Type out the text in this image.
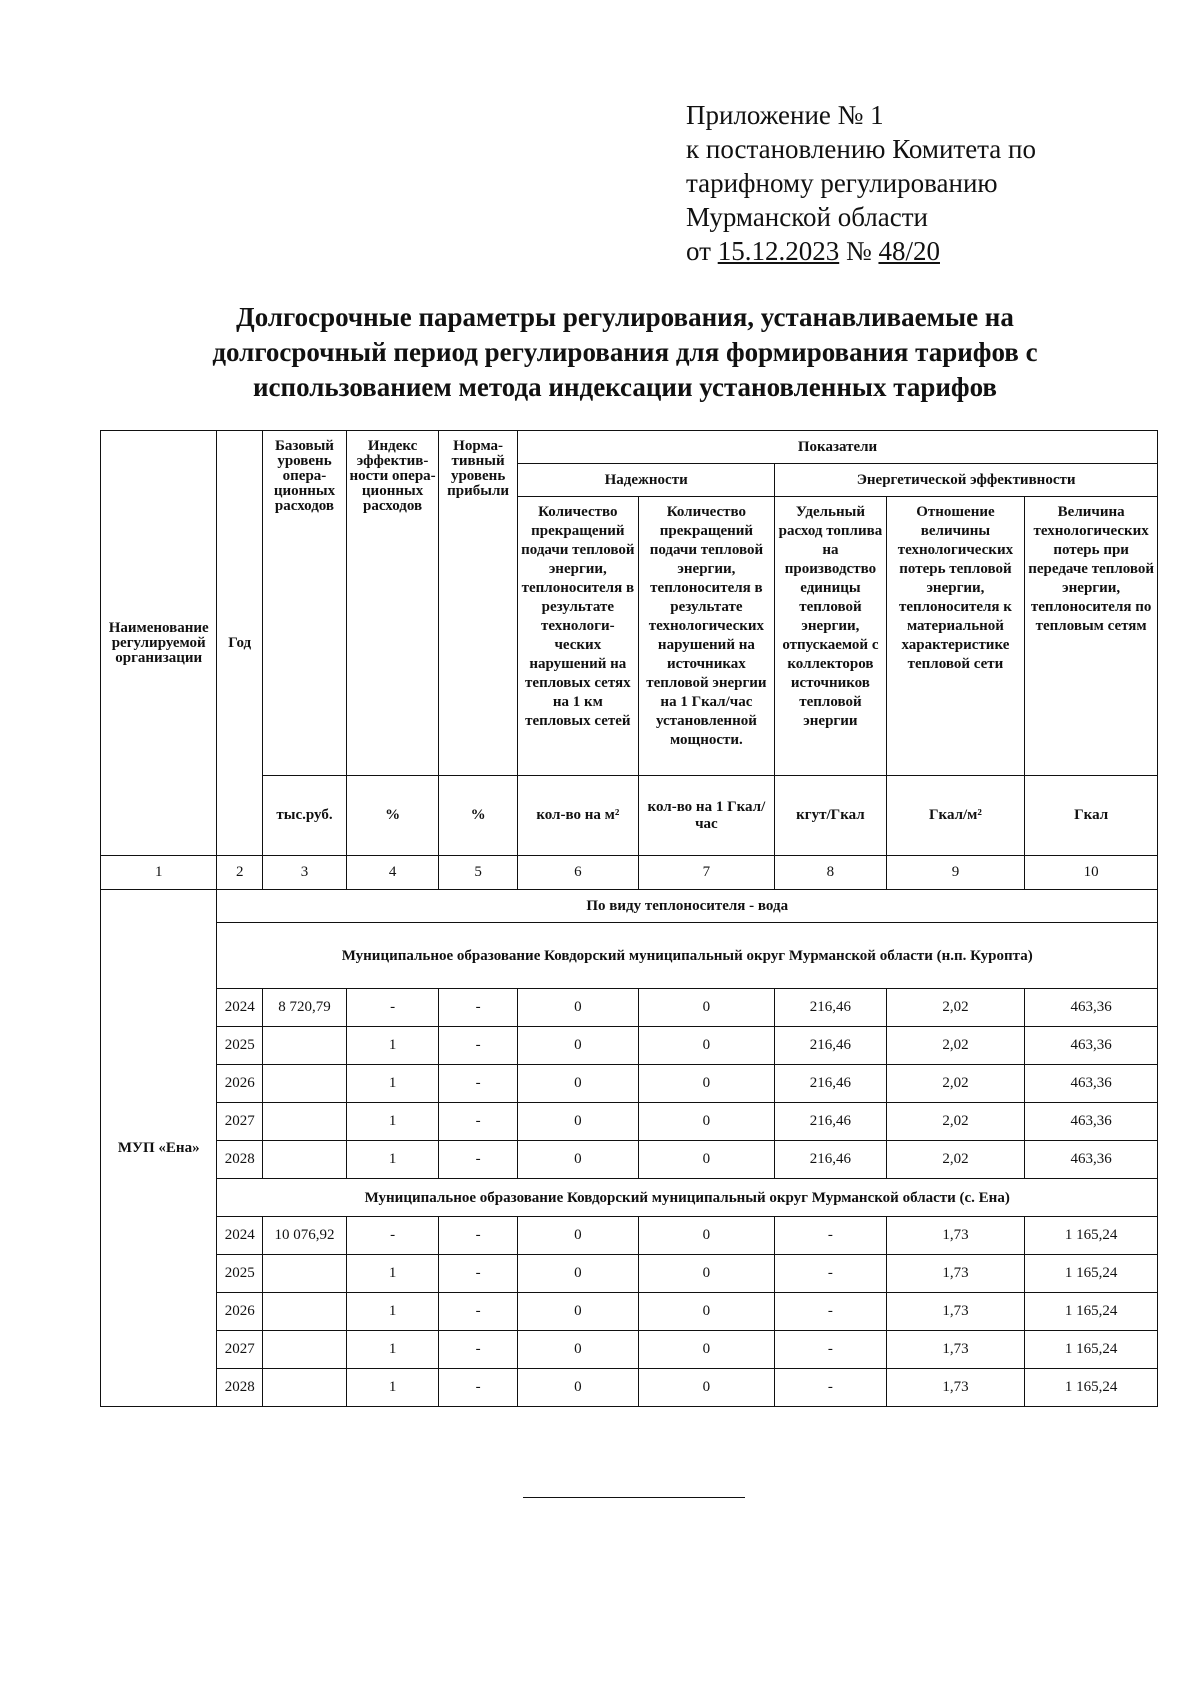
Приложение № 1
к постановлению Комитета по
тарифному регулированию
Мурманской области
от 15.12.2023 № 48/20
Долгосрочные параметры регулирования, устанавливаемые на
долгосрочный период регулирования для формирования тарифов с
использованием метода индексации установленных тарифов
Наименование регулируемой организации	Год	Базовый уровень опера-ционных расходов	Индекс эффектив-ности опера-ционных расходов	Норма-тивный уровень прибыли	Показатели				
					Надежности		Энергетической эффективности		
					Количество прекращений подачи тепловой энергии, теплоносителя в результате технологи-ческих нарушений на тепловых сетях на 1 км тепловых сетей	Количество прекращений подачи тепловой энергии, теплоносителя в результате технологических нарушений на источниках тепловой энергии на 1 Гкал/час установленной мощности.	Удельный расход топлива на производство единицы тепловой энергии, отпускаемой с коллекторов источников тепловой энергии	Отношение величины технологических потерь тепловой энергии, теплоносителя к материальной характеристике тепловой сети	Величина технологических потерь при передаче тепловой энергии, теплоносителя по тепловым сетям
		тыс.руб.	%	%	кол-во на м²	кол-во на 1 Гкал/час	кгут/Гкал	Гкал/м²	Гкал
1	2	3	4	5	6	7	8	9	10
МУП «Ена»	По виду теплоносителя - вода								
	Муниципальное образование Ковдорский муниципальный округ Мурманской области (н.п. Куропта)								
	2024	8 720,79	-	-	0	0	216,46	2,02	463,36
	2025		1	-	0	0	216,46	2,02	463,36
	2026		1	-	0	0	216,46	2,02	463,36
	2027		1	-	0	0	216,46	2,02	463,36
	2028		1	-	0	0	216,46	2,02	463,36
	Муниципальное образование Ковдорский муниципальный округ Мурманской области (с. Ена)								
	2024	10 076,92	-	-	0	0	-	1,73	1 165,24
	2025		1	-	0	0	-	1,73	1 165,24
	2026		1	-	0	0	-	1,73	1 165,24
	2027		1	-	0	0	-	1,73	1 165,24
	2028		1	-	0	0	-	1,73	1 165,24
